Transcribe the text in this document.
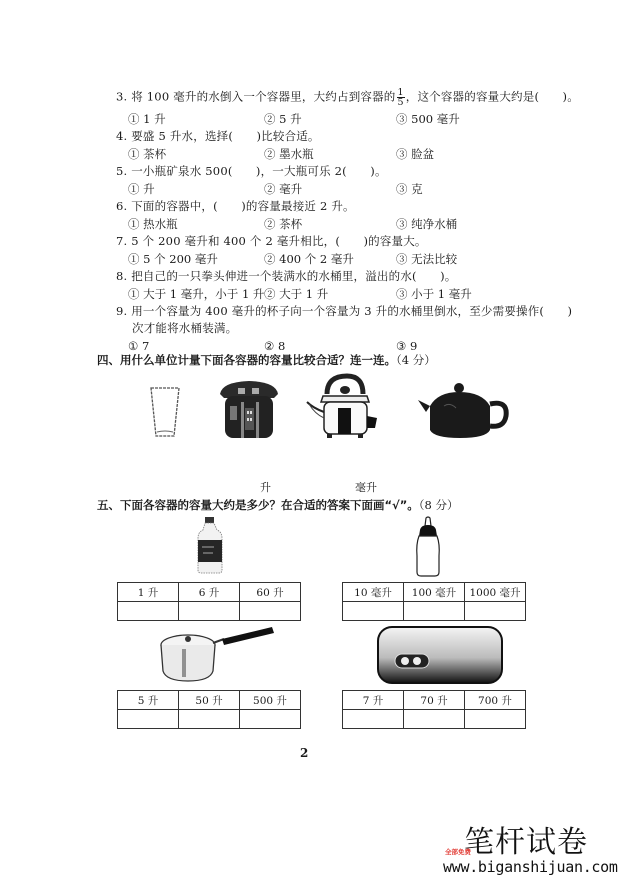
3. 将 100 毫升的水倒入一个容器里，大约占到容器的 $\frac{1}{5}$ ，这个容器的容量大约是(　　)。
① 1 升	② 5 升	③ 500 毫升
4. 要盛 5 升水，选择(　　)比较合适。
① 茶杯	② 墨水瓶	③ 脸盆
5. 一小瓶矿泉水 500(　　)，一大瓶可乐 2(　　)。
① 升	② 毫升	③ 克
6. 下面的容器中，(　　)的容量最接近 2 升。
① 热水瓶	② 茶杯	③ 纯净水桶
7. 5 个 200 毫升和 400 个 2 毫升相比，(　　)的容量大。
① 5 个 200 毫升	② 400 个 2 毫升	③ 无法比较
8. 把自己的一只拳头伸进一个装满水的水桶里，溢出的水(　　)。
① 大于 1 毫升，小于 1 升 ② 大于 1 升	③ 小于 1 毫升
9. 用一个容量为 400 毫升的杯子向一个容量为 3 升的水桶里倒水，至少需要操作(　　)
次才能将水桶装满。
① 7	② 8	③ 9
四、用什么单位计量下面各容器的容量比较合适？连一连。（4 分）
升	毫升
五、下面各容器的容量大约是多少？在合适的答案下面画“√”。（8 分）
1 升	6 升	60 升
			10 毫升	100 毫升	1000 毫升

5 升	50 升	500 升
			7 升	70 升	700 升

2
全部免费
笔杆试卷
www.biganshijuan.com
